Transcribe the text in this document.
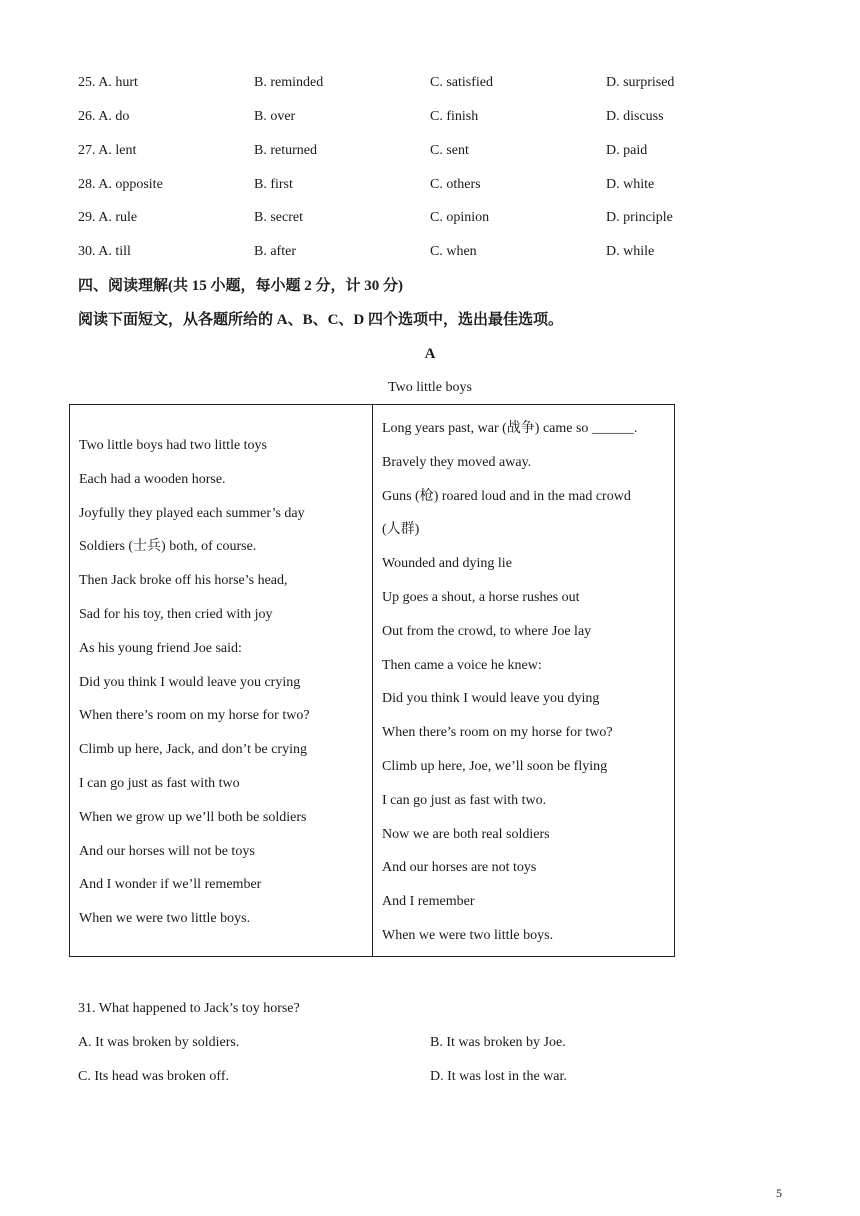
25. A. hurt	B. reminded	C. satisfied	D. surprised
26. A. do	B. over	C. finish	D. discuss
27. A. lent	B. returned	C. sent	D. paid
28. A. opposite	B. first	C. others	D. white
29. A. rule	B. secret	C. opinion	D. principle
30. A. till	B. after	C. when	D. while
四、阅读理解(共 15 小题，每小题 2 分，计 30 分)
阅读下面短文，从各题所给的 A、B、C、D 四个选项中，选出最佳选项。
A
Two little boys
Two little boys had two little toys
Each had a wooden horse.
Joyfully they played each summer’s day
Soldiers (士兵) both, of course.
Then Jack broke off his horse’s head,
Sad for his toy, then cried with joy
As his young friend Joe said:
Did you think I would leave you crying
When there’s room on my horse for two?
Climb up here, Jack, and don’t be crying
I can go just as fast with two
When we grow up we’ll both be soldiers
And our horses will not be toys
And I wonder if we’ll remember
When we were two little boys.

Long years past, war (战争) came so ______.
Bravely they moved away.
Guns (枪) roared loud and in the mad crowd
(人群)
Wounded and dying lie
Up goes a shout, a horse rushes out
Out from the crowd, to where Joe lay
Then came a voice he knew:
Did you think I would leave you dying
When there’s room on my horse for two?
Climb up here, Joe, we’ll soon be flying
I can go just as fast with two.
Now we are both real soldiers
And our horses are not toys
And I remember
When we were two little boys.
31. What happened to Jack’s toy horse?
A. It was broken by soldiers.	B. It was broken by Joe.
C. Its head was broken off.	D. It was lost in the war.
5
